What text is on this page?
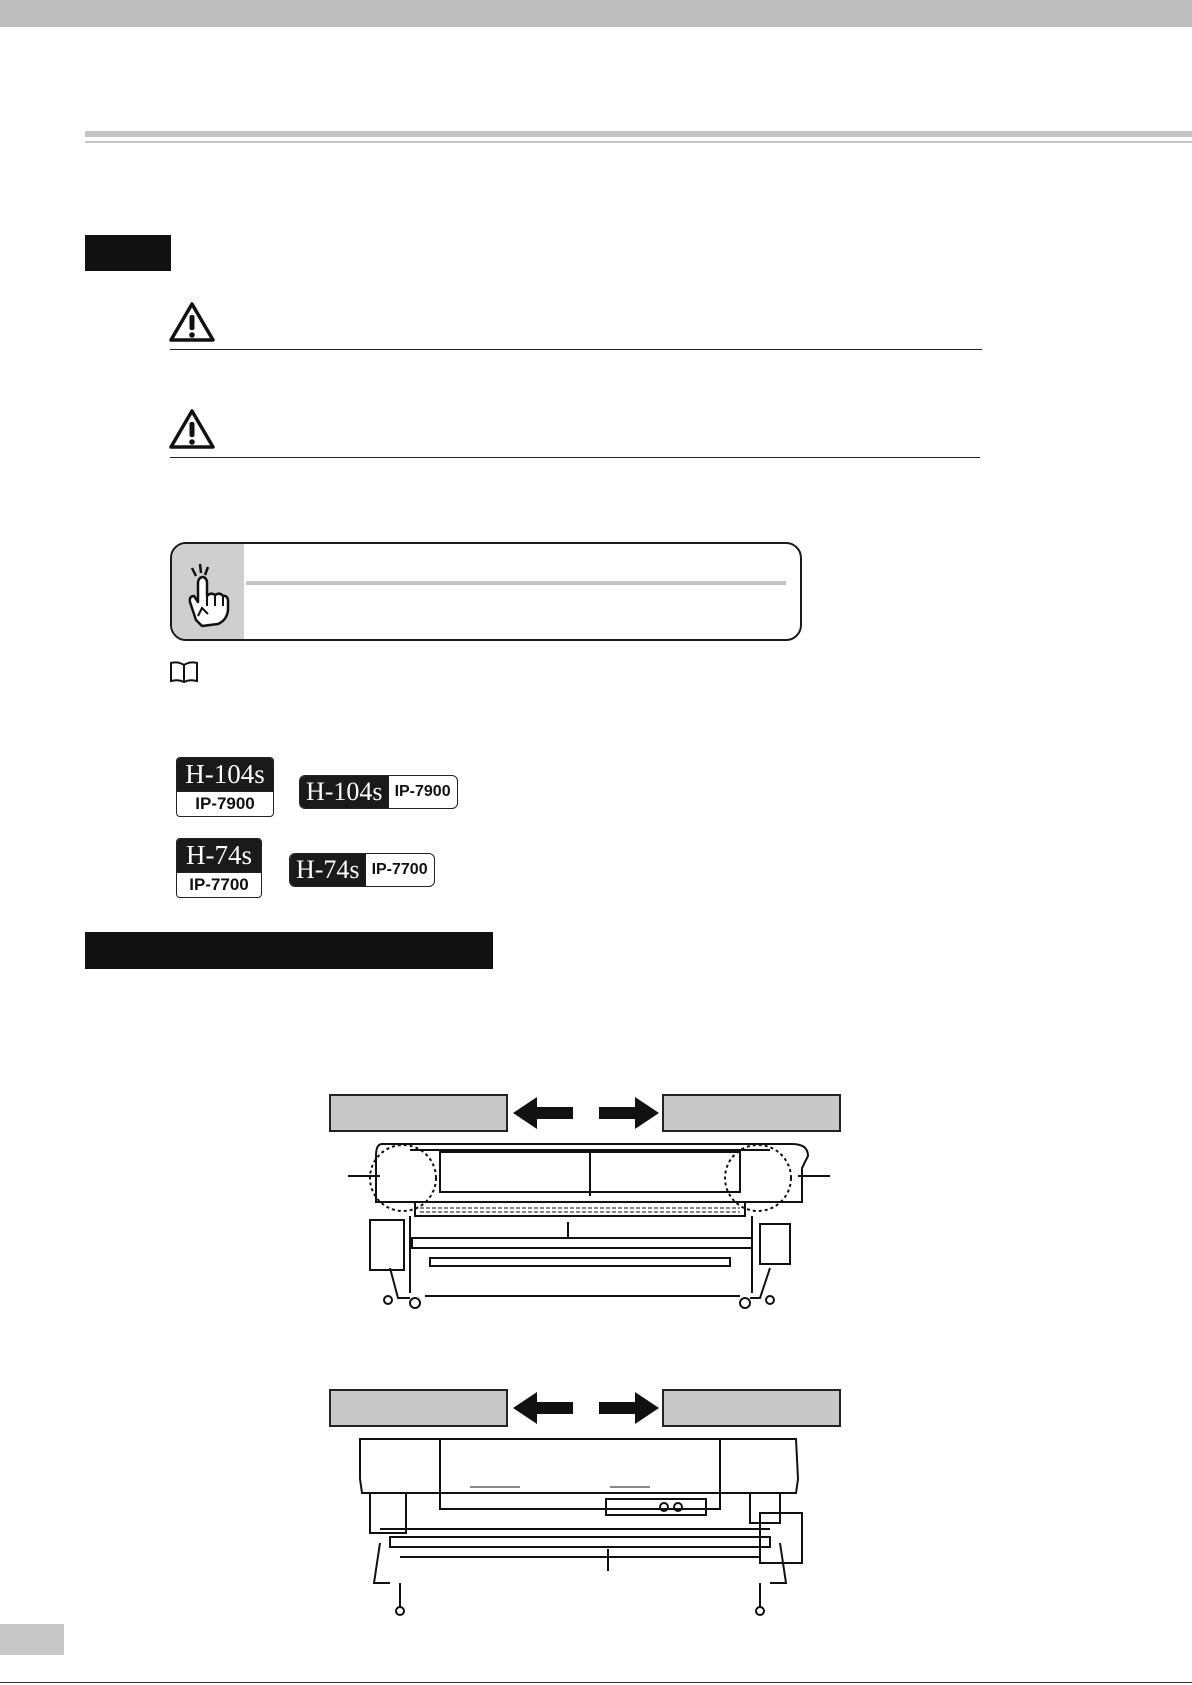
H-104s
IP-7900	H-104s IP-7900
H-74s
IP-7700
H-74s IP-7700
